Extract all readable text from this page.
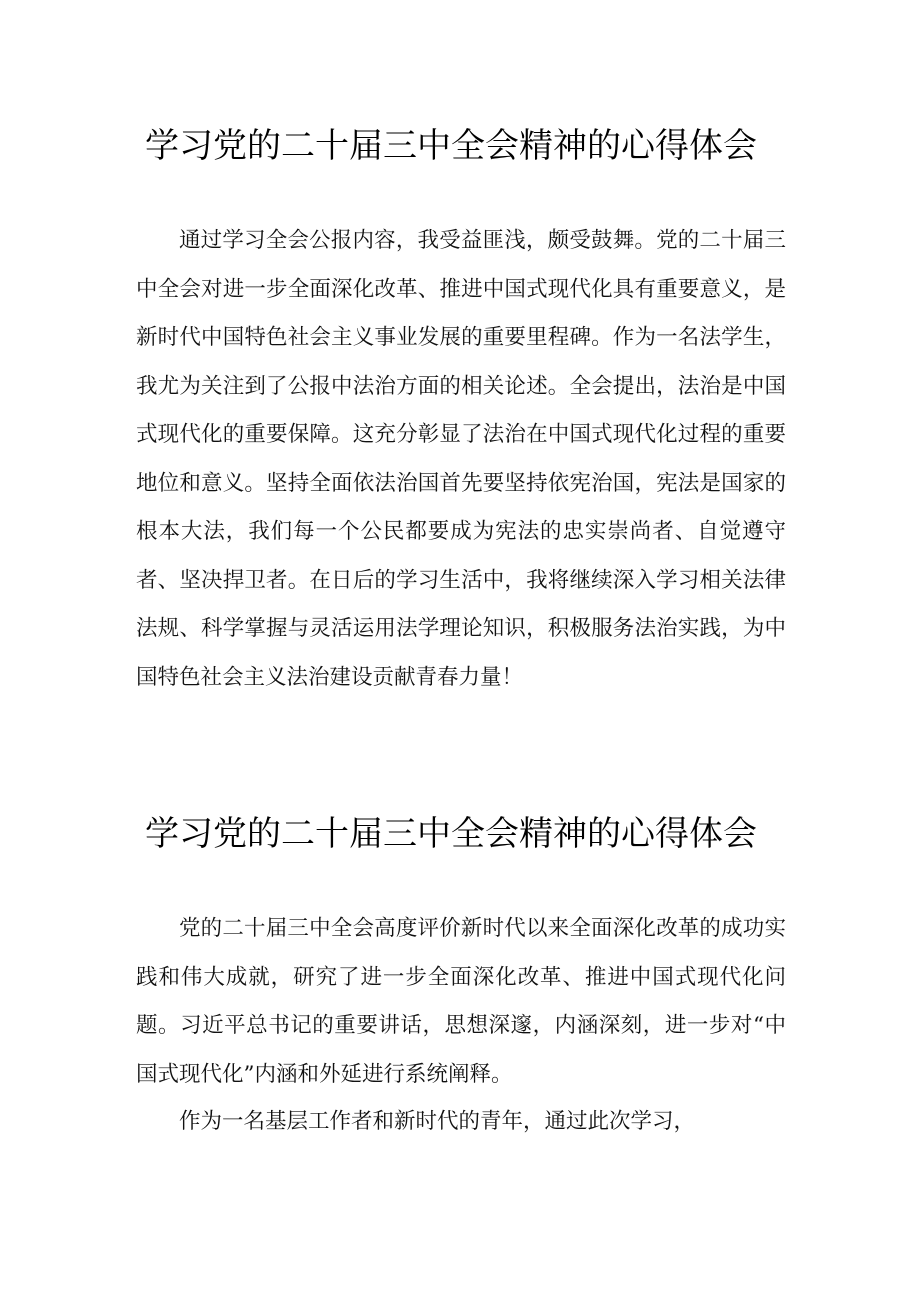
学习党的二十届三中全会精神的心得体会

通过学习全会公报内容，我受益匪浅，颇受鼓舞。党的二十届三中全会对进一步全面深化改革、推进中国式现代化具有重要意义，是新时代中国特色社会主义事业发展的重要里程碑。作为一名法学生，我尤为关注到了公报中法治方面的相关论述。全会提出，法治是中国式现代化的重要保障。这充分彰显了法治在中国式现代化过程的重要地位和意义。坚持全面依法治国首先要坚持依宪治国，宪法是国家的根本大法，我们每一个公民都要成为宪法的忠实崇尚者、自觉遵守者、坚决捍卫者。在日后的学习生活中，我将继续深入学习相关法律法规、科学掌握与灵活运用法学理论知识，积极服务法治实践，为中国特色社会主义法治建设贡献青春力量！

学习党的二十届三中全会精神的心得体会

党的二十届三中全会高度评价新时代以来全面深化改革的成功实践和伟大成就，研究了进一步全面深化改革、推进中国式现代化问题。习近平总书记的重要讲话，思想深邃，内涵深刻，进一步对“中国式现代化”内涵和外延进行系统阐释。

作为一名基层工作者和新时代的青年，通过此次学习，
